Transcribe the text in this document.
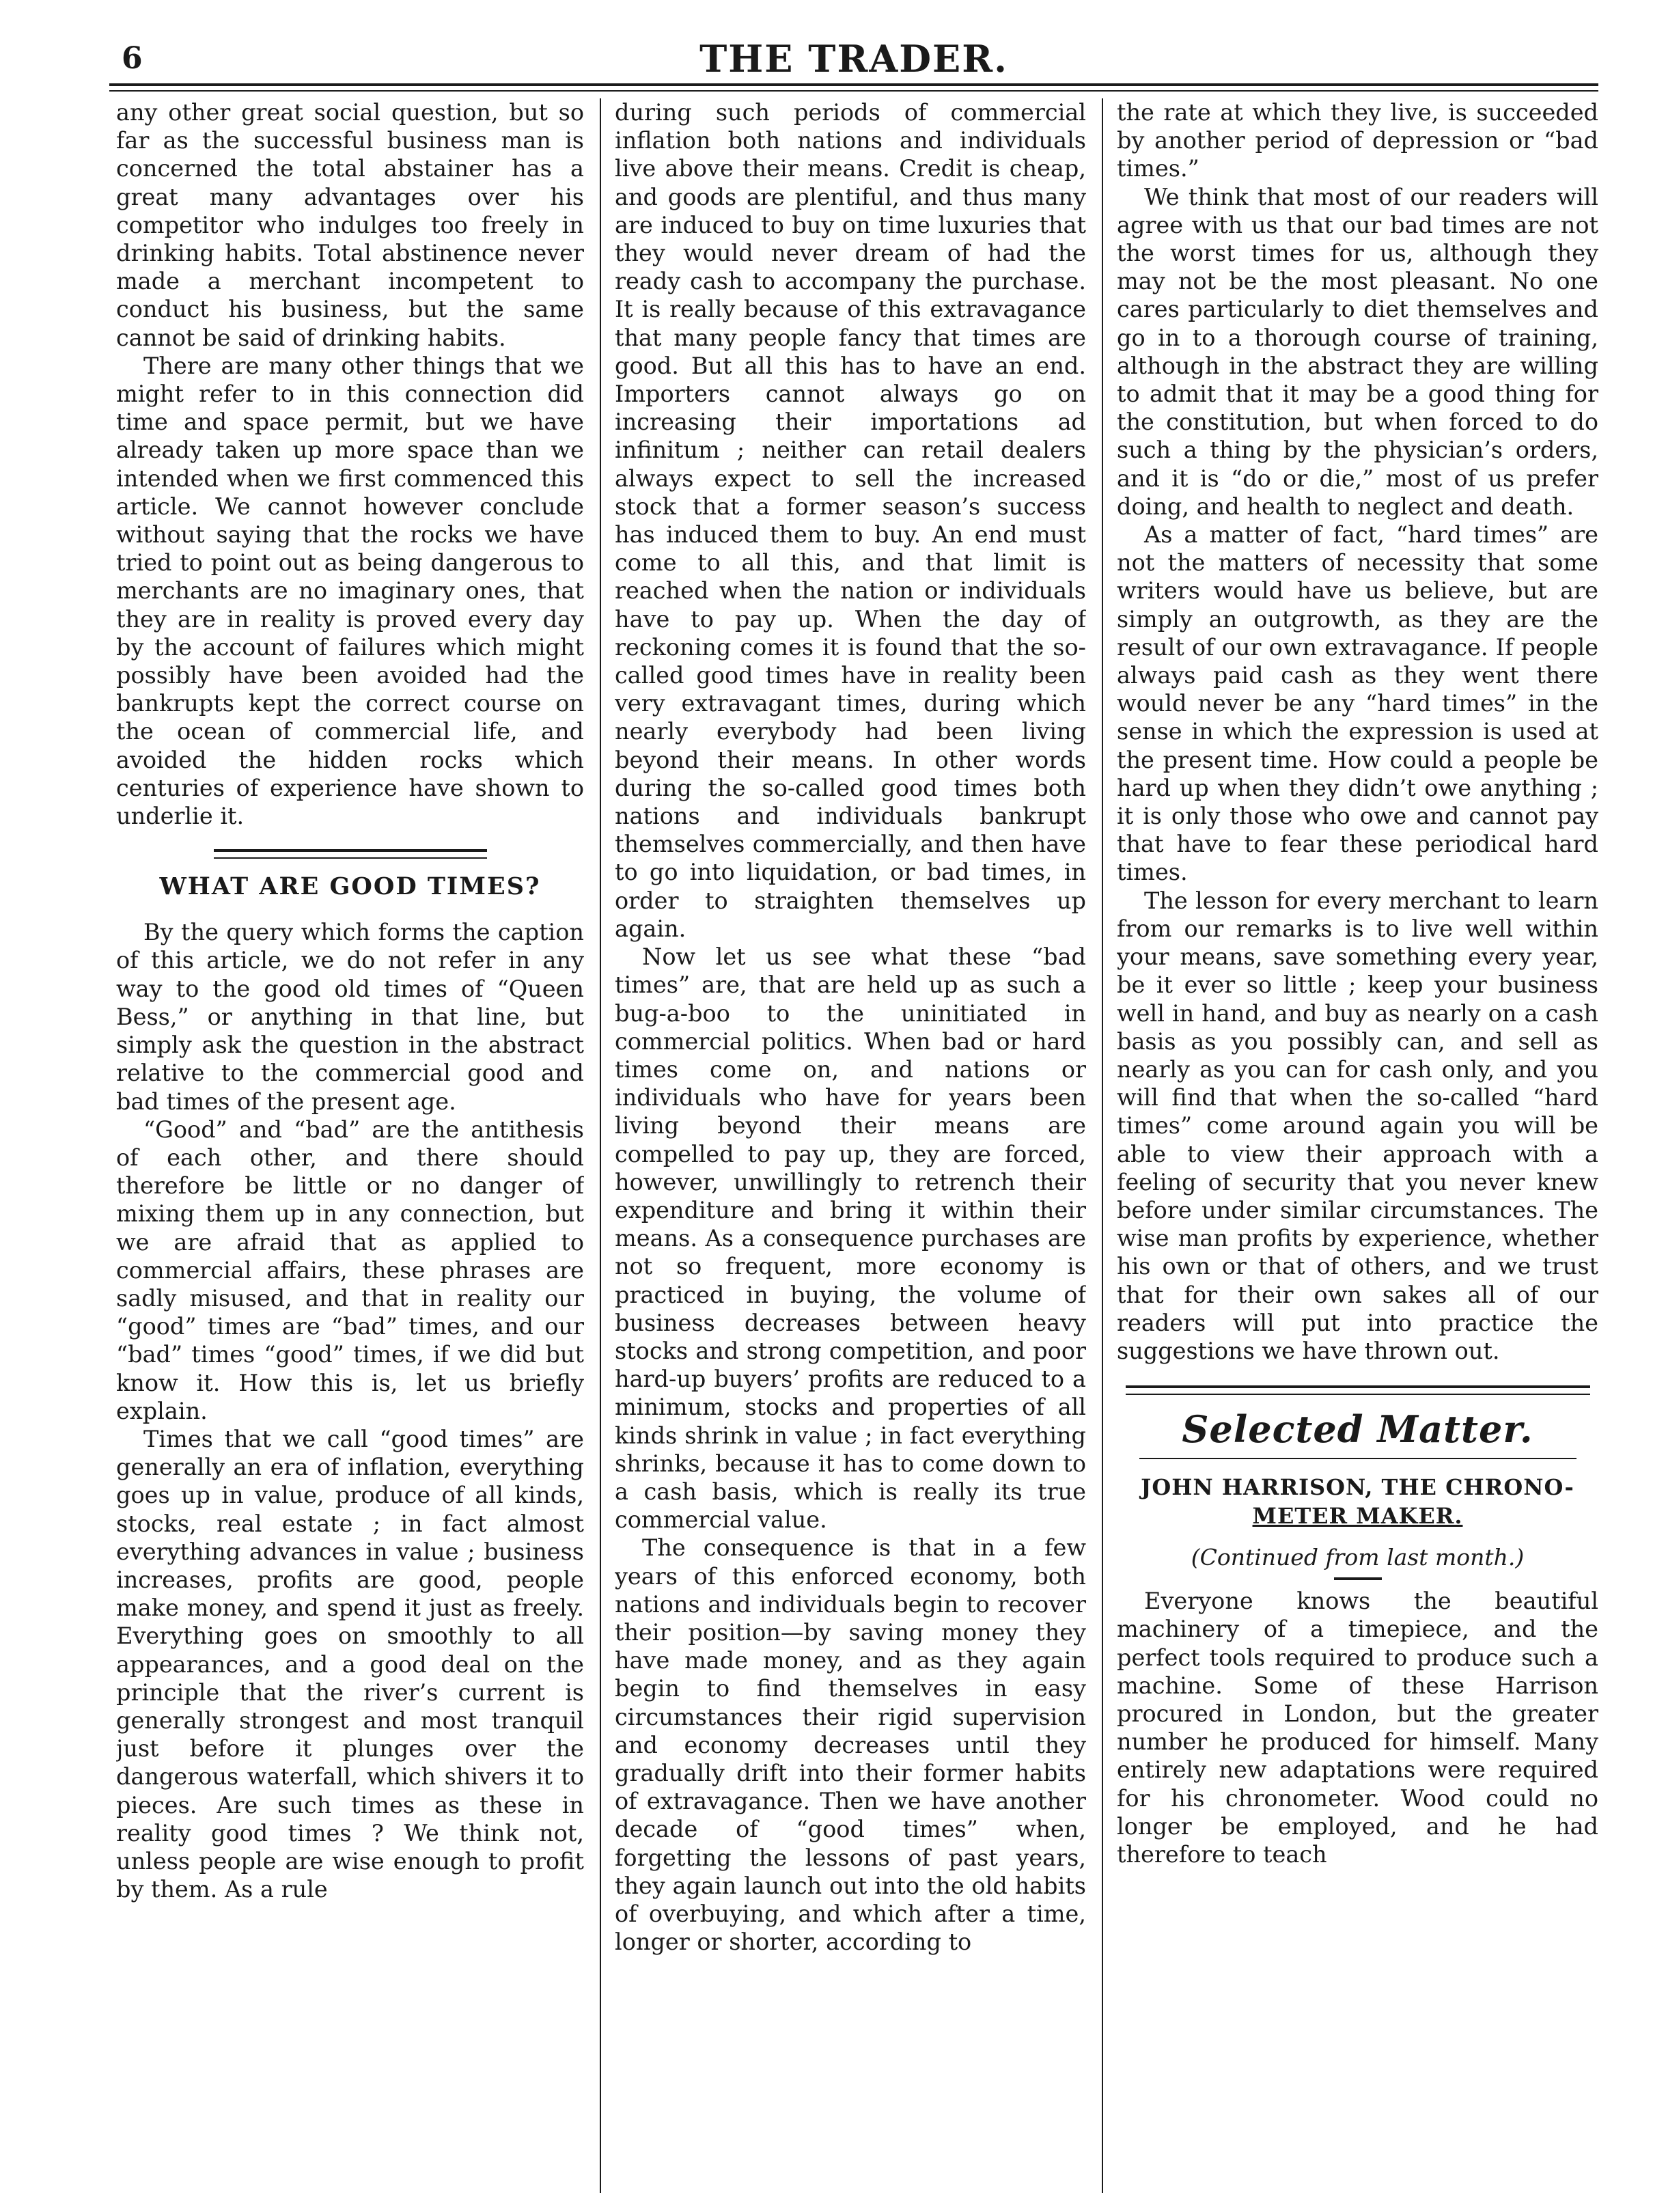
6	THE TRADER.

any other great social question, but so far as the successful business man is concerned the total abstainer has a great many advantages over his competitor who indulges too freely in drinking habits. Total abstinence never made a merchant incompetent to conduct his business, but the same cannot be said of drinking habits.

There are many other things that we might refer to in this connection did time and space permit, but we have already taken up more space than we intended when we first commenced this article. We cannot however conclude without saying that the rocks we have tried to point out as being dangerous to merchants are no imaginary ones, that they are in reality is proved every day by the account of failures which might possibly have been avoided had the bankrupts kept the correct course on the ocean of commercial life, and avoided the hidden rocks which centuries of experience have shown to underlie it.

WHAT ARE GOOD TIMES?

By the query which forms the caption of this article, we do not refer in any way to the good old times of “Queen Bess,” or anything in that line, but simply ask the question in the abstract relative to the commercial good and bad times of the present age.

“Good” and “bad” are the antithesis of each other, and there should therefore be little or no danger of mixing them up in any connection, but we are afraid that as applied to commercial affairs, these phrases are sadly misused, and that in reality our “good” times are “bad” times, and our “bad” times “good” times, if we did but know it. How this is, let us briefly explain.

Times that we call “good times” are generally an era of inflation, everything goes up in value, produce of all kinds, stocks, real estate ; in fact almost everything advances in value ; business increases, profits are good, people make money, and spend it just as freely. Everything goes on smoothly to all appearances, and a good deal on the principle that the river’s current is generally strongest and most tranquil just before it plunges over the dangerous waterfall, which shivers it to pieces. Are such times as these in reality good times ? We think not, unless people are wise enough to profit by them. As a rule

during such periods of commercial inflation both nations and individuals live above their means. Credit is cheap, and goods are plentiful, and thus many are induced to buy on time luxuries that they would never dream of had the ready cash to accompany the purchase. It is really because of this extravagance that many people fancy that times are good. But all this has to have an end. Importers cannot always go on increasing their importations ad infinitum ; neither can retail dealers always expect to sell the increased stock that a former season’s success has induced them to buy. An end must come to all this, and that limit is reached when the nation or individuals have to pay up. When the day of reckoning comes it is found that the so-called good times have in reality been very extravagant times, during which nearly everybody had been living beyond their means. In other words during the so-called good times both nations and individuals bankrupt themselves commercially, and then have to go into liquidation, or bad times, in order to straighten themselves up again.

Now let us see what these “bad times” are, that are held up as such a bug-a-boo to the uninitiated in commercial politics. When bad or hard times come on, and nations or individuals who have for years been living beyond their means are compelled to pay up, they are forced, however, unwillingly to retrench their expenditure and bring it within their means. As a consequence purchases are not so frequent, more economy is practiced in buying, the volume of business decreases between heavy stocks and strong competition, and poor hard-up buyers’ profits are reduced to a minimum, stocks and properties of all kinds shrink in value ; in fact everything shrinks, because it has to come down to a cash basis, which is really its true commercial value.

The consequence is that in a few years of this enforced economy, both nations and individuals begin to recover their position—by saving money they have made money, and as they again begin to find themselves in easy circumstances their rigid supervision and economy decreases until they gradually drift into their former habits of extravagance. Then we have another decade of “good times” when, forgetting the lessons of past years, they again launch out into the old habits of overbuying, and which after a time, longer or shorter, according to

the rate at which they live, is succeeded by another period of depression or “bad times.”

We think that most of our readers will agree with us that our bad times are not the worst times for us, although they may not be the most pleasant. No one cares particularly to diet themselves and go in to a thorough course of training, although in the abstract they are willing to admit that it may be a good thing for the constitution, but when forced to do such a thing by the physician’s orders, and it is “do or die,” most of us prefer doing, and health to neglect and death.

As a matter of fact, “hard times” are not the matters of necessity that some writers would have us believe, but are simply an outgrowth, as they are the result of our own extravagance. If people always paid cash as they went there would never be any “hard times” in the sense in which the expression is used at the present time. How could a people be hard up when they didn’t owe anything ; it is only those who owe and cannot pay that have to fear these periodical hard times.

The lesson for every merchant to learn from our remarks is to live well within your means, save something every year, be it ever so little ; keep your business well in hand, and buy as nearly on a cash basis as you possibly can, and sell as nearly as you can for cash only, and you will find that when the so-called “hard times” come around again you will be able to view their approach with a feeling of security that you never knew before under similar circumstances. The wise man profits by experience, whether his own or that of others, and we trust that for their own sakes all of our readers will put into practice the suggestions we have thrown out.

Selected Matter.
JOHN HARRISON, THE CHRONO-
METER MAKER.
(Continued from last month.)

Everyone knows the beautiful machinery of a timepiece, and the perfect tools required to produce such a machine. Some of these Harrison procured in London, but the greater number he produced for himself. Many entirely new adaptations were required for his chronometer. Wood could no longer be employed, and he had therefore to teach
